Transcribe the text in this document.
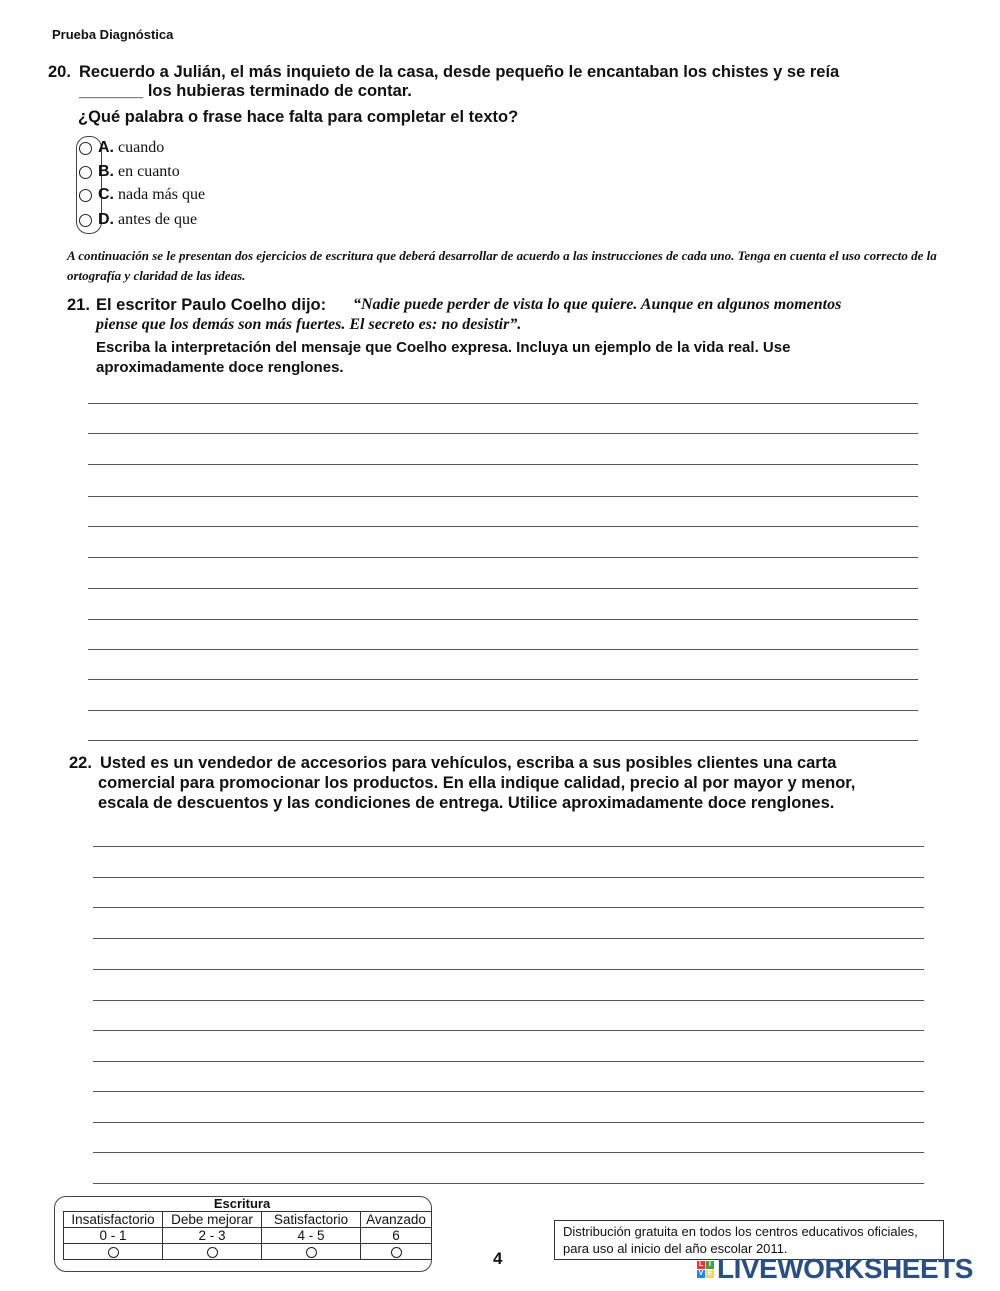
Prueba Diagnóstica
20. Recuerdo a Julián, el más inquieto de la casa, desde pequeño le encantaban los chistes y se reía
_______ los hubieras terminado de contar.
¿Qué palabra o frase hace falta para completar el texto?
A. cuando
B. en cuanto
C. nada más que
D. antes de que
A continuación se le presentan dos ejercicios de escritura que deberá desarrollar de acuerdo a las instrucciones de cada uno. Tenga en cuenta el uso correcto de la ortografía y claridad de las ideas.
21. El escritor Paulo Coelho dijo: “Nadie puede perder de vista lo que quiere. Aunque en algunos momentos
piense que los demás son más fuertes. El secreto es: no desistir”.
Escriba la interpretación del mensaje que Coelho expresa. Incluya un ejemplo de la vida real. Use
aproximadamente doce renglones.
22. Usted es un vendedor de accesorios para vehículos, escriba a sus posibles clientes una carta
comercial para promocionar los productos. En ella indique calidad, precio al por mayor y menor,
escala de descuentos y las condiciones de entrega. Utilice aproximadamente doce renglones.
Escritura
Insatisfactorio	Debe mejorar	Satisfactorio	Avanzado
0 - 1	2 - 3	4 - 5	6

4
Distribución gratuita en todos los centros educativos oficiales, para uso al inicio del año escolar 2011.
L I
V E LIVEWORKSHEETS
